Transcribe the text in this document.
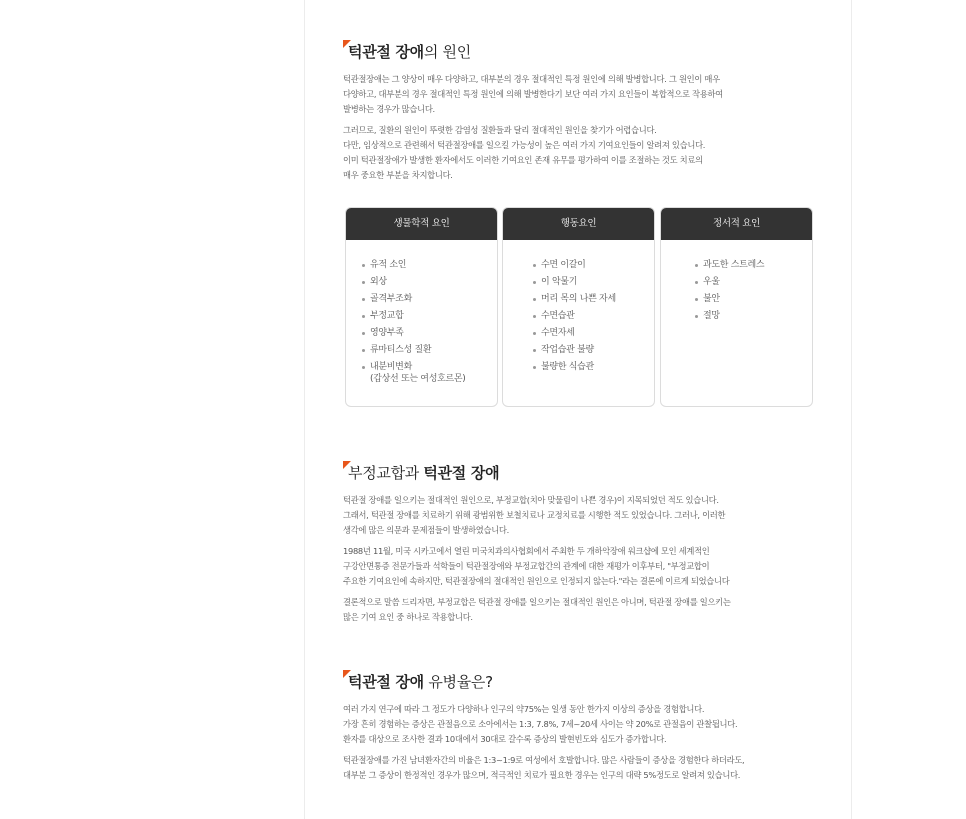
턱관절 장애의 원인

턱관절장애는 그 양상이 매우 다양하고, 대부분의 경우 절대적인 특정 원인에 의해 발병합니다. 그 원인이 매우
다양하고, 대부분의 경우 절대적인 특정 원인에 의해 발병한다기 보단 여러 가지 요인들이 복합적으로 작용하여
발병하는 경우가 많습니다.

그러므로, 질환의 원인이 뚜렷한 감염성 질환들과 달리 절대적인 원인을 찾기가 어렵습니다.
다만, 임상적으로 관련해서 턱관절장애를 일으킬 가능성이 높은 여러 가지 기여요인들이 알려져 있습니다.
이미 턱관절장애가 발생한 환자에서도 이러한 기여요인 존재 유무를 평가하여 이를 조절하는 것도 치료의
매우 중요한 부분을 차지합니다.

생물학적 요인
유적 소인
외상
골격부조화
부정교합
영양부족
류마티스성 질환
내분비변화
(갑상선 또는 여성호르몬)
행동요인
수면 이갈이
이 악물기
머리 목의 나쁜 자세
수면습관
수면자세
작업습관 불량
불량한 식습관
정서적 요인
과도한 스트레스
우울
불안
절망
부정교합과 턱관절 장애

턱관절 장애를 일으키는 절대적인 원인으로, 부정교합(치아 맞물림이 나쁜 경우)이 지목되었던 적도 있습니다.
그래서, 턱관절 장애를 치료하기 위해 광범위한 보철치료나 교정치료를 시행한 적도 있었습니다. 그러나, 이러한
생각에 많은 의문과 문제점들이 발생하였습니다.

1988년 11월, 미국 시카고에서 열린 미국치과의사협회에서 주최한 두 개하악장애 워크샵에 모인 세계적인
구강안면통증 전문가들과 석학들이 턱관절장애와 부정교합간의 관계에 대한 재평가 이후부터, "부정교합이
주요한 기여요인에 속하지만, 턱관절장애의 절대적인 원인으로 인정되지 않는다."라는 결론에 이르게 되었습니다

결론적으로 말씀 드리자면, 부정교합은 턱관절 장애를 일으키는 절대적인 원인은 아니며, 턱관절 장애를 일으키는
많은 기여 요인 중 하나로 작용합니다.

턱관절 장애 유병율은?

여러 가지 연구에 따라 그 정도가 다양하나 인구의 약75%는 일생 동안 한가지 이상의 증상을 경험합니다.
가장 흔히 경험하는 증상은 관절음으로 소아에서는 1:3, 7.8%, 7세~20세 사이는 약 20%로 관절음이 관찰됩니다.
환자를 대상으로 조사한 결과 10대에서 30대로 갈수록 증상의 발현빈도와 심도가 증가합니다.

턱관절장애를 가진 남녀환자간의 비율은 1:3~1:9로 여성에서 호발합니다. 많은 사람들이 증상을 경험한다 하더라도,
대부분 그 증상이 한정적인 경우가 많으며, 적극적인 치료가 필요한 경우는 인구의 대략 5%정도로 알려져 있습니다.
